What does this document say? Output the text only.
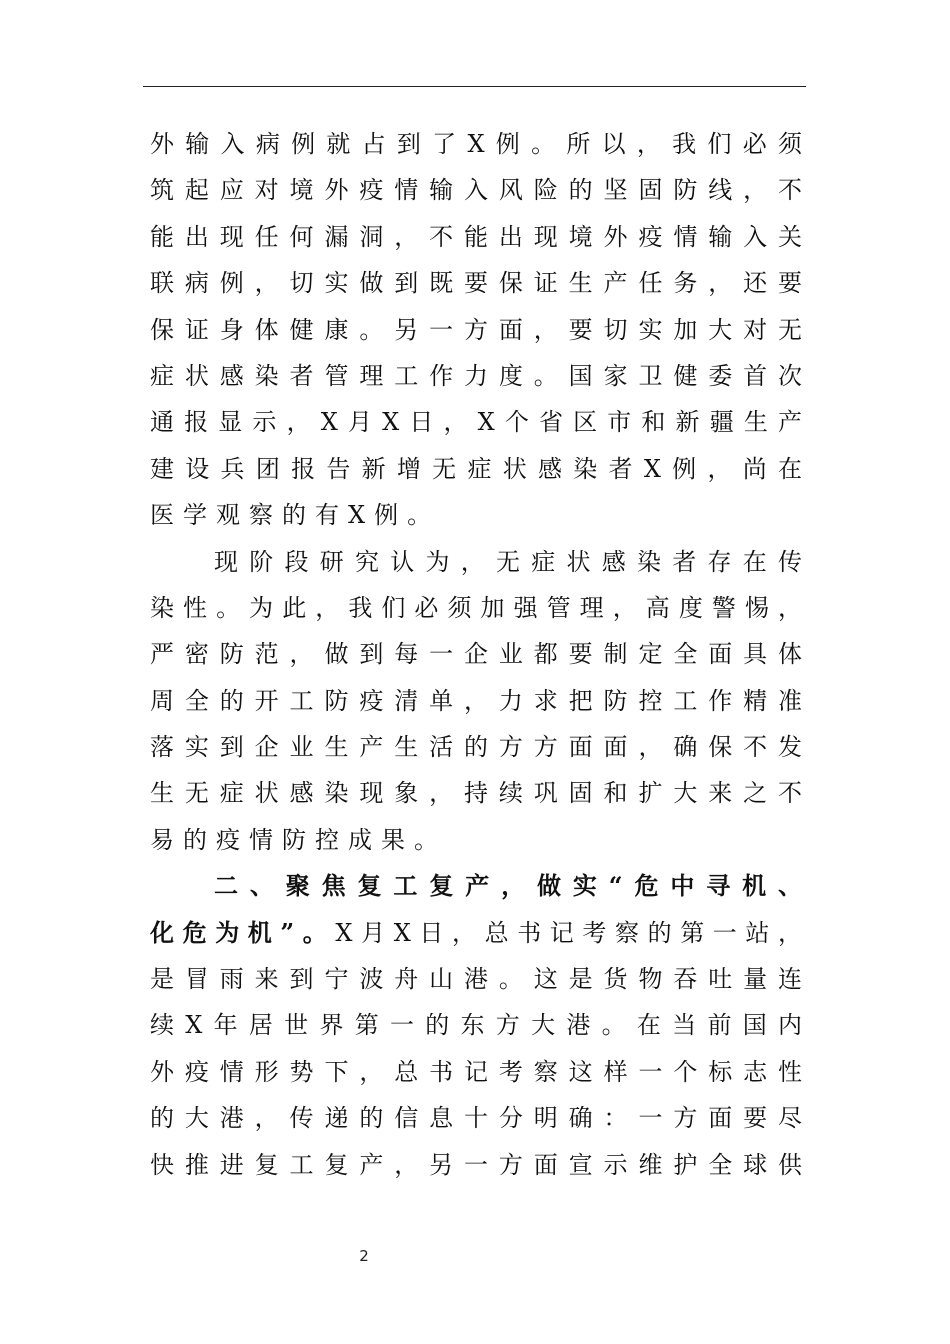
外输入病例就占到了X例。所以，我们必须
筑起应对境外疫情输入风险的坚固防线，不
能出现任何漏洞，不能出现境外疫情输入关
联病例，切实做到既要保证生产任务，还要
保证身体健康。另一方面，要切实加大对无
症状感染者管理工作力度。国家卫健委首次
通报显示，X月X日，X个省区市和新疆生产
建设兵团报告新增无症状感染者X例，尚在
医学观察的有X例。
现阶段研究认为，无症状感染者存在传
染性。为此，我们必须加强管理，高度警惕，
严密防范，做到每一企业都要制定全面具体
周全的开工防疫清单，力求把防控工作精准
落实到企业生产生活的方方面面，确保不发
生无症状感染现象，持续巩固和扩大来之不
易的疫情防控成果。
二、聚焦复工复产，做实“危中寻机、
化危为机”。X月X日，总书记考察的第一站，
是冒雨来到宁波舟山港。这是货物吞吐量连
续X年居世界第一的东方大港。在当前国内
外疫情形势下，总书记考察这样一个标志性
的大港，传递的信息十分明确：一方面要尽
快推进复工复产，另一方面宣示维护全球供
2
